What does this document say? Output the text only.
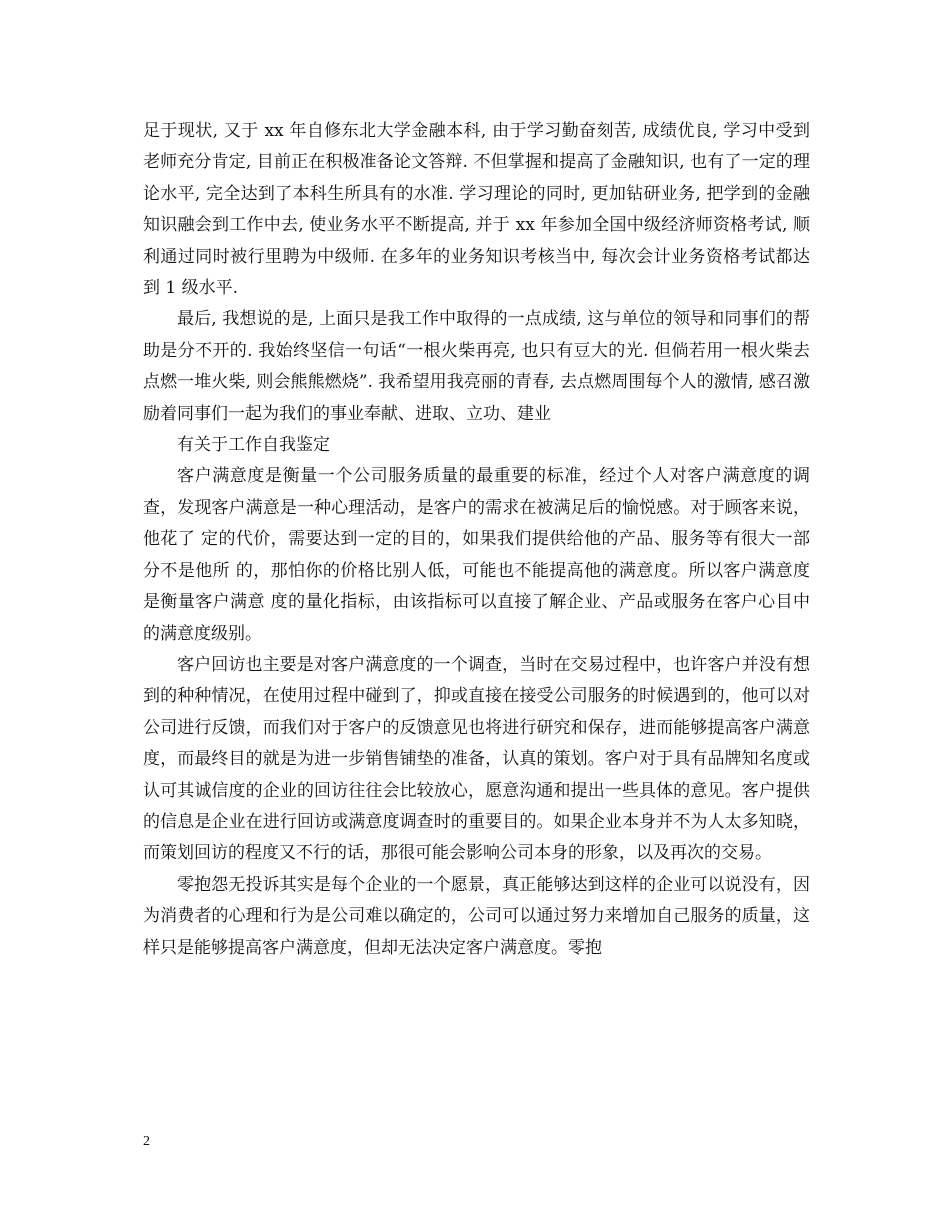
足于现状, 又于 xx 年自修东北大学金融本科, 由于学习勤奋刻苦, 成绩优良, 学习中受到老师充分肯定, 目前正在积极准备论文答辩. 不但掌握和提高了金融知识, 也有了一定的理论水平, 完全达到了本科生所具有的水准. 学习理论的同时, 更加钻研业务, 把学到的金融知识融会到工作中去, 使业务水平不断提高, 并于 xx 年参加全国中级经济师资格考试, 顺利通过同时被行里聘为中级师. 在多年的业务知识考核当中, 每次会计业务资格考试都达到 1 级水平.

最后, 我想说的是, 上面只是我工作中取得的一点成绩, 这与单位的领导和同事们的帮助是分不开的. 我始终坚信一句话“一根火柴再亮, 也只有豆大的光. 但倘若用一根火柴去点燃一堆火柴, 则会熊熊燃烧”. 我希望用我亮丽的青春, 去点燃周围每个人的激情, 感召激励着同事们一起为我们的事业奉献、进取、立功、建业

有关于工作自我鉴定

客户满意度是衡量一个公司服务质量的最重要的标准，经过个人对客户满意度的调查，发现客户满意是一种心理活动，是客户的需求在被满足后的愉悦感。对于顾客来说，他花了 定的代价，需要达到一定的目的，如果我们提供给他的产品、服务等有很大一部分不是他所 的，那怕你的价格比别人低，可能也不能提高他的满意度。所以客户满意度是衡量客户满意 度的量化指标，由该指标可以直接了解企业、产品或服务在客户心目中的满意度级别。

客户回访也主要是对客户满意度的一个调查，当时在交易过程中，也许客户并没有想到的种种情况，在使用过程中碰到了，抑或直接在接受公司服务的时候遇到的，他可以对公司进行反馈，而我们对于客户的反馈意见也将进行研究和保存，进而能够提高客户满意度，而最终目的就是为进一步销售铺垫的准备，认真的策划。客户对于具有品牌知名度或认可其诚信度的企业的回访往往会比较放心，愿意沟通和提出一些具体的意见。客户提供的信息是企业在进行回访或满意度调查时的重要目的。如果企业本身并不为人太多知晓，而策划回访的程度又不行的话，那很可能会影响公司本身的形象，以及再次的交易。

零抱怨无投诉其实是每个企业的一个愿景，真正能够达到这样的企业可以说没有，因为消费者的心理和行为是公司难以确定的，公司可以通过努力来增加自己服务的质量，这样只是能够提高客户满意度，但却无法决定客户满意度。零抱

2
